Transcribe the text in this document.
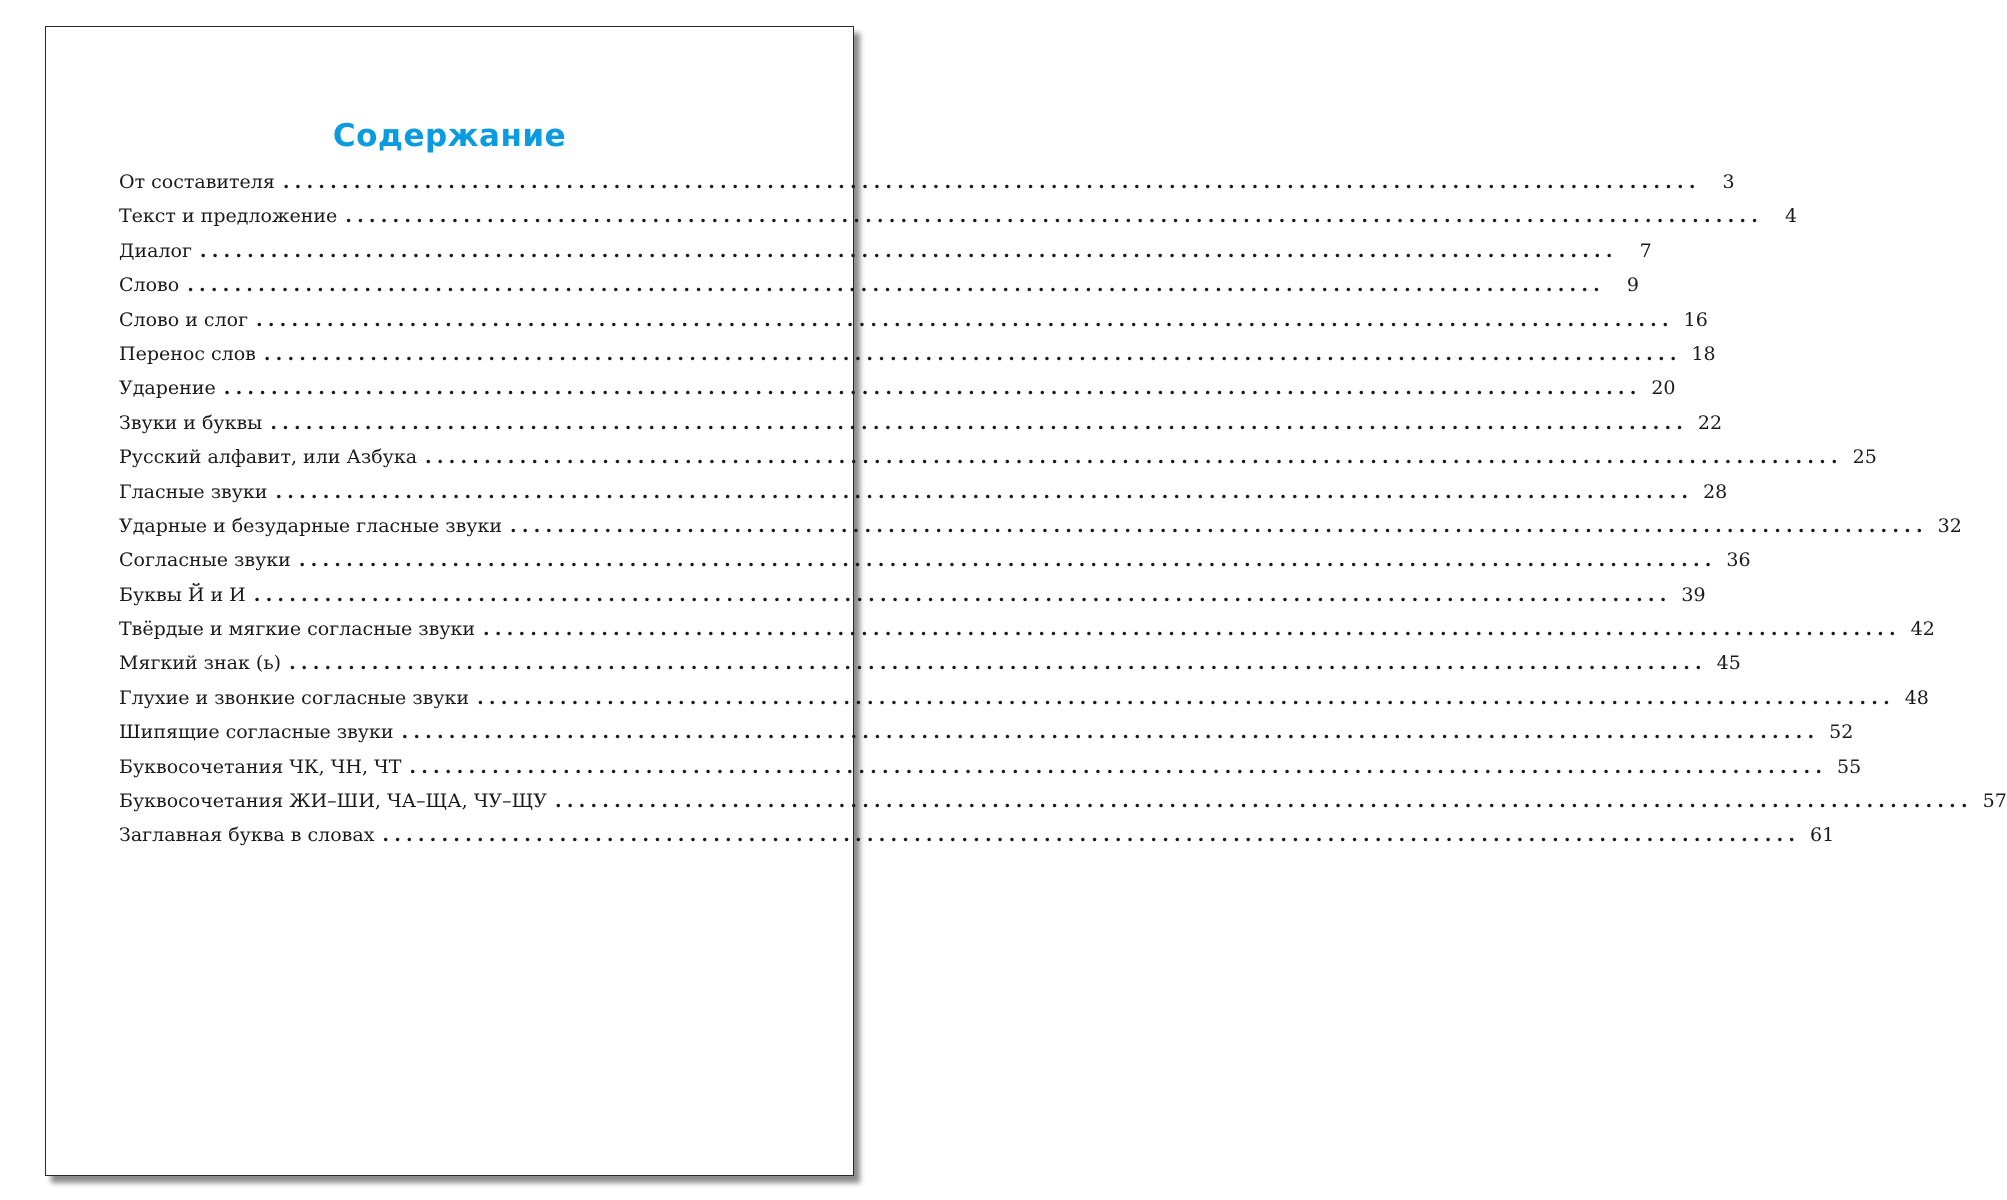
Содержание
От составителя ........................................................................................................................	3
Текст и предложение ........................................................................................................................	4
Диалог ........................................................................................................................	7
Слово ........................................................................................................................	9
Слово и слог ........................................................................................................................ 16
Перенос слов ........................................................................................................................ 18
Ударение ........................................................................................................................ 20
Звуки и буквы ........................................................................................................................ 22
Русский алфавит, или Азбука ........................................................................................................................ 25
Гласные звуки ........................................................................................................................ 28
Ударные и безударные гласные звуки ........................................................................................................................ 32
Согласные звуки ........................................................................................................................ 36
Буквы Й и И ........................................................................................................................ 39
Твёрдые и мягкие согласные звуки ........................................................................................................................ 42
Мягкий знак (ь) ........................................................................................................................ 45
Глухие и звонкие согласные звуки ........................................................................................................................ 48
Шипящие согласные звуки ........................................................................................................................ 52
Буквосочетания ЧК, ЧН, ЧТ ........................................................................................................................ 55
Буквосочетания ЖИ–ШИ, ЧА–ЩА, ЧУ–ЩУ ........................................................................................................................ 57
Заглавная буква в словах ........................................................................................................................ 61
